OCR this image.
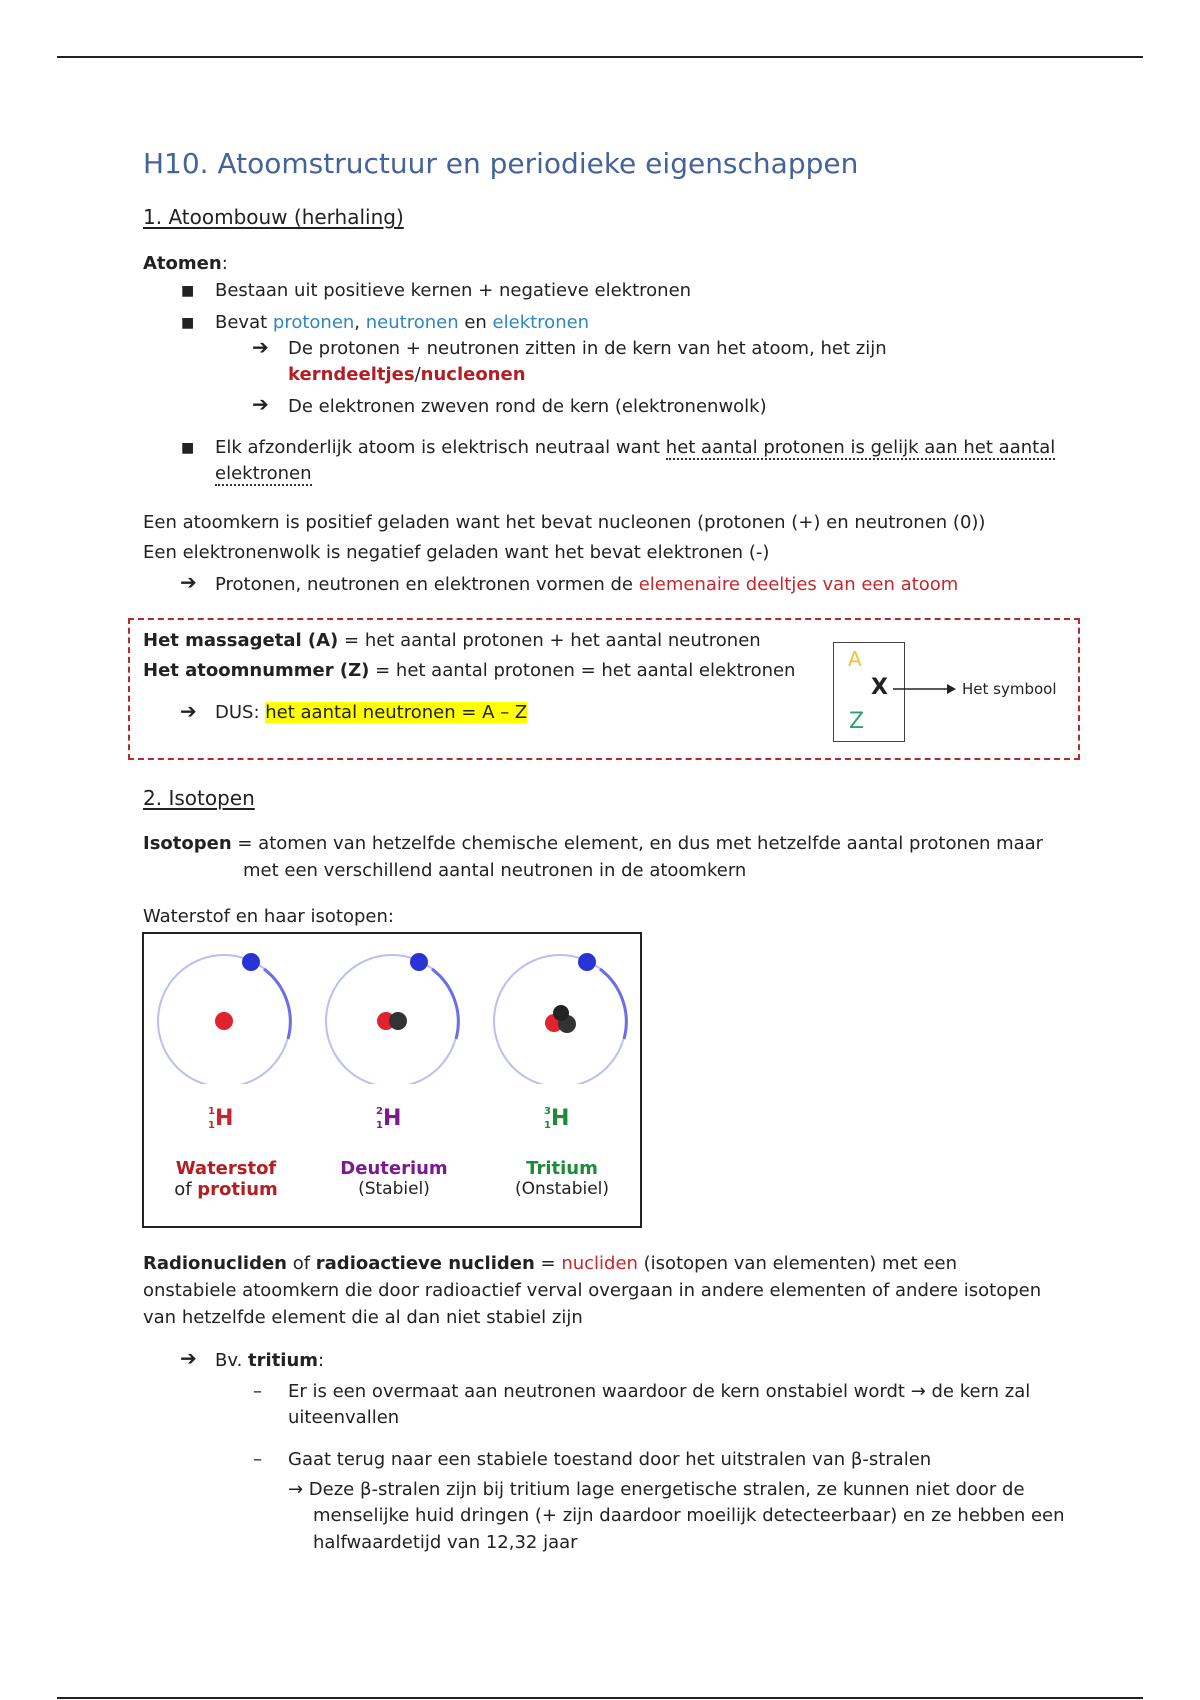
H10. Atoomstructuur en periodieke eigenschappen
1. Atoombouw (herhaling)
Atomen:
■ Bestaan uit positieve kernen + negatieve elektronen
■ Bevat protonen, neutronen en elektronen
➔ De protonen + neutronen zitten in de kern van het atoom, het zijn
kerndeeltjes/nucleonen
➔ De elektronen zweven rond de kern (elektronenwolk)
■ Elk afzonderlijk atoom is elektrisch neutraal want het aantal protonen is gelijk aan het aantal
elektronen
Een atoomkern is positief geladen want het bevat nucleonen (protonen (+) en neutronen (0))
Een elektronenwolk is negatief geladen want het bevat elektronen (-)
➔ Protonen, neutronen en elektronen vormen de elemenaire deeltjes van een atoom
Het massagetal (A) = het aantal protonen + het aantal neutronen
Het atoomnummer (Z) = het aantal protonen = het aantal elektronen
➔ DUS: het aantal neutronen = A – Z
A
X
Z
Het symbool
2. Isotopen
Isotopen = atomen van hetzelfde chemische element, en dus met hetzelfde aantal protonen maar
met een verschillend aantal neutronen in de atoomkern
Waterstof en haar isotopen:
1
1 H	2
1 H	3
1 H
Waterstof
of protium
Deuterium
(Stabiel)
Tritium
(Onstabiel)
Radionucliden of radioactieve nucliden = nucliden (isotopen van elementen) met een
onstabiele atoomkern die door radioactief verval overgaan in andere elementen of andere isotopen
van hetzelfde element die al dan niet stabiel zijn
➔ Bv. tritium:
– Er is een overmaat aan neutronen waardoor de kern onstabiel wordt → de kern zal
uiteenvallen
– Gaat terug naar een stabiele toestand door het uitstralen van β-stralen
→ Deze β-stralen zijn bij tritium lage energetische stralen, ze kunnen niet door de
menselijke huid dringen (+ zijn daardoor moeilijk detecteerbaar) en ze hebben een
halfwaardetijd van 12,32 jaar
